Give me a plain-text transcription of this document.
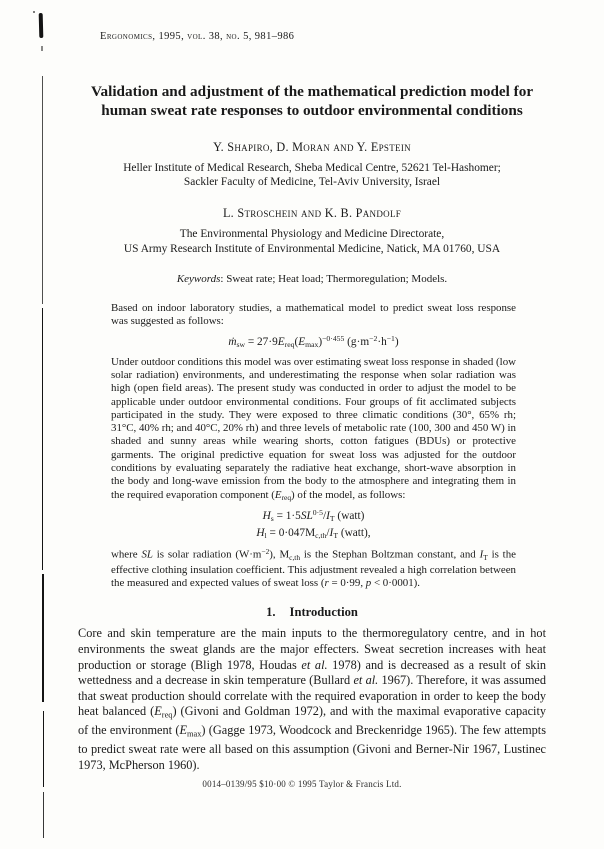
Ergonomics, 1995, vol. 38, no. 5, 981–986
Validation and adjustment of the mathematical prediction model for
human sweat rate responses to outdoor environmental conditions
Y. Shapiro, D. Moran and Y. Epstein
Heller Institute of Medical Research, Sheba Medical Centre, 52621 Tel-Hashomer;
Sackler Faculty of Medicine, Tel-Aviv University, Israel
L. Stroschein and K. B. Pandolf
The Environmental Physiology and Medicine Directorate,
US Army Research Institute of Environmental Medicine, Natick, MA 01760, USA
Keywords: Sweat rate; Heat load; Thermoregulation; Models.

Based on indoor laboratory studies, a mathematical model to predict sweat loss response was suggested as follows:

ṁ$_{sw}$ = $27\cdot 9E_{req}(E_{max})^{-0\cdot 455}$ $(g\cdot m^{-2}\cdot h^{-1})$

Under outdoor conditions this model was over estimating sweat loss response in shaded (low solar radiation) environments, and underestimating the response when solar radiation was high (open field areas). The present study was conducted in order to adjust the model to be applicable under outdoor environmental conditions. Four groups of fit acclimated subjects participated in the study. They were exposed to three climatic conditions (30°, 65% rh; 31°C, 40% rh; and 40°C, 20% rh) and three levels of metabolic rate (100, 300 and 450 W) in shaded and sunny areas while wearing shorts, cotton fatigues (BDUs) or protective garments. The original predictive equation for sweat loss was adjusted for the outdoor conditions by evaluating separately the radiative heat exchange, short-wave absorption in the body and long-wave emission from the body to the atmosphere and integrating them in the required evaporation component $(E_{req})$ of the model, as follows:

$H_s = 1\cdot 5SL^{0\cdot 5}/I_T$ (watt)
$H_l = 0\cdot 047M_{c,th}/I_T$ (watt),

where SL is solar radiation $(W\cdot m^{-2})$, $M_{c,th}$ is the Stephan Boltzman constant, and $I_T$ is the effective clothing insulation coefficient. This adjustment revealed a high correlation between the measured and expected values of sweat loss (r = 0·99, p < 0·0001).

1. Introduction

Core and skin temperature are the main inputs to the thermoregulatory centre, and in hot environments the sweat glands are the major effecters. Sweat secretion increases with heat production or storage (Bligh 1978, Houdas et al. 1978) and is decreased as a result of skin wettedness and a decrease in skin temperature (Bullard et al. 1967). Therefore, it was assumed that sweat production should correlate with the required evaporation in order to keep the body heat balanced $(E_{req})$ (Givoni and Goldman 1972), and with the maximal evaporative capacity of the environment $(E_{max})$ (Gagge 1973, Woodcock and Breckenridge 1965). The few attempts to predict sweat rate were all based on this assumption (Givoni and Berner-Nir 1967, Lustinec 1973, McPherson 1960).

0014–0139/95 $10·00 © 1995 Taylor & Francis Ltd.
